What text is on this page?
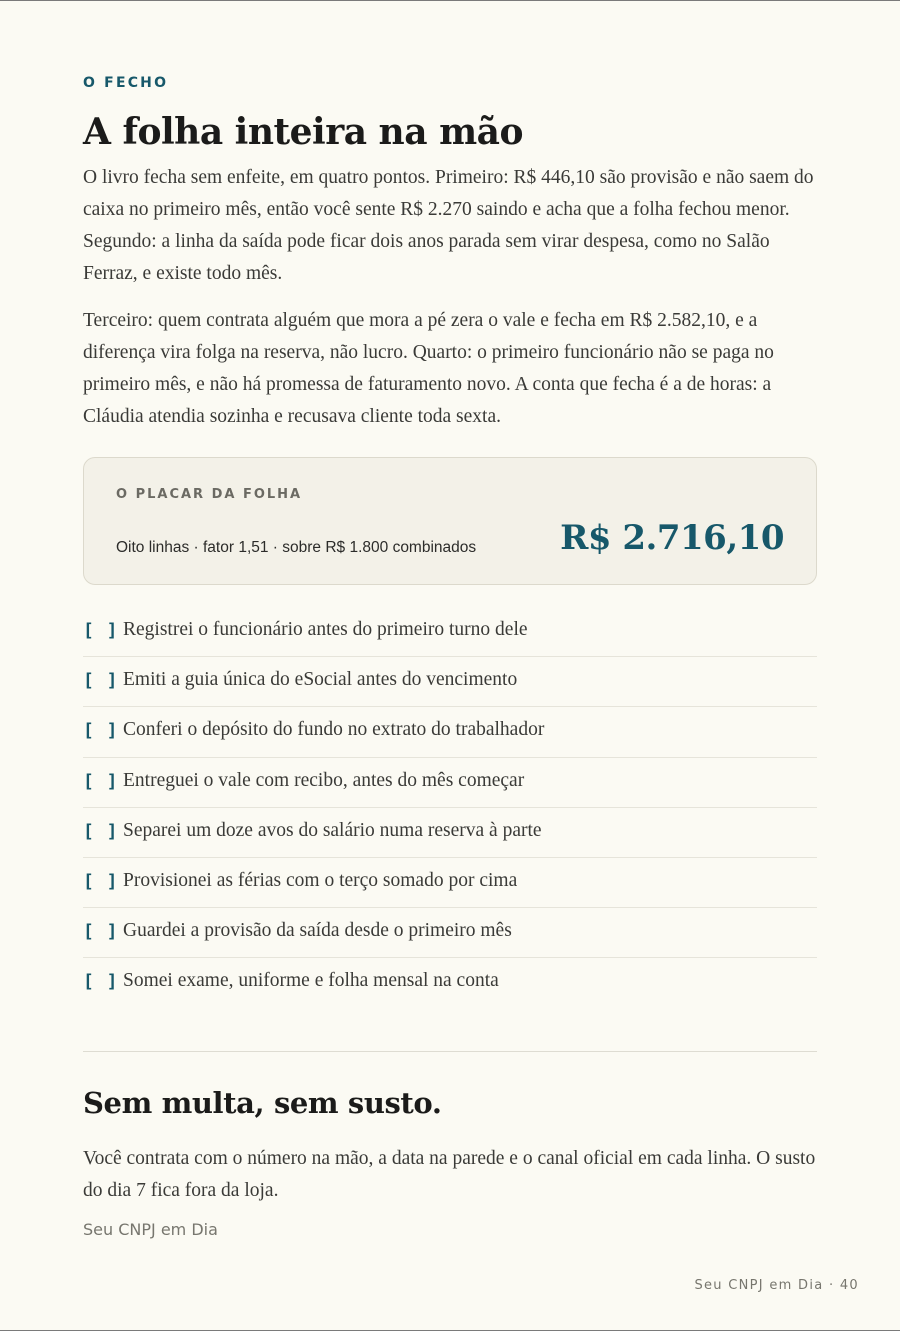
O FECHO
A folha inteira na mão

O livro fecha sem enfeite, em quatro pontos. Primeiro: R$ 446,10 são provisão e não saem do caixa no primeiro mês, então você sente R$ 2.270 saindo e acha que a folha fechou menor. Segundo: a linha da saída pode ficar dois anos parada sem virar despesa, como no Salão Ferraz, e existe todo mês.

Terceiro: quem contrata alguém que mora a pé zera o vale e fecha em R$ 2.582,10, e a diferença vira folga na reserva, não lucro. Quarto: o primeiro funcionário não se paga no primeiro mês, e não há promessa de faturamento novo. A conta que fecha é a de horas: a Cláudia atendia sozinha e recusava cliente toda sexta.

O PLACAR DA FOLHA
Oito linhas · fator 1,51 · sobre R$ 1.800 combinados R$ 2.716,10
[ ] Registrei o funcionário antes do primeiro turno dele
[ ] Emiti a guia única do eSocial antes do vencimento
[ ] Conferi o depósito do fundo no extrato do trabalhador
[ ] Entreguei o vale com recibo, antes do mês começar
[ ] Separei um doze avos do salário numa reserva à parte
[ ] Provisionei as férias com o terço somado por cima
[ ] Guardei a provisão da saída desde o primeiro mês
[ ] Somei exame, uniforme e folha mensal na conta
Sem multa, sem susto.

Você contrata com o número na mão, a data na parede e o canal oficial em cada linha. O susto do dia 7 fica fora da loja.

Seu CNPJ em Dia
Seu CNPJ em Dia · 40
